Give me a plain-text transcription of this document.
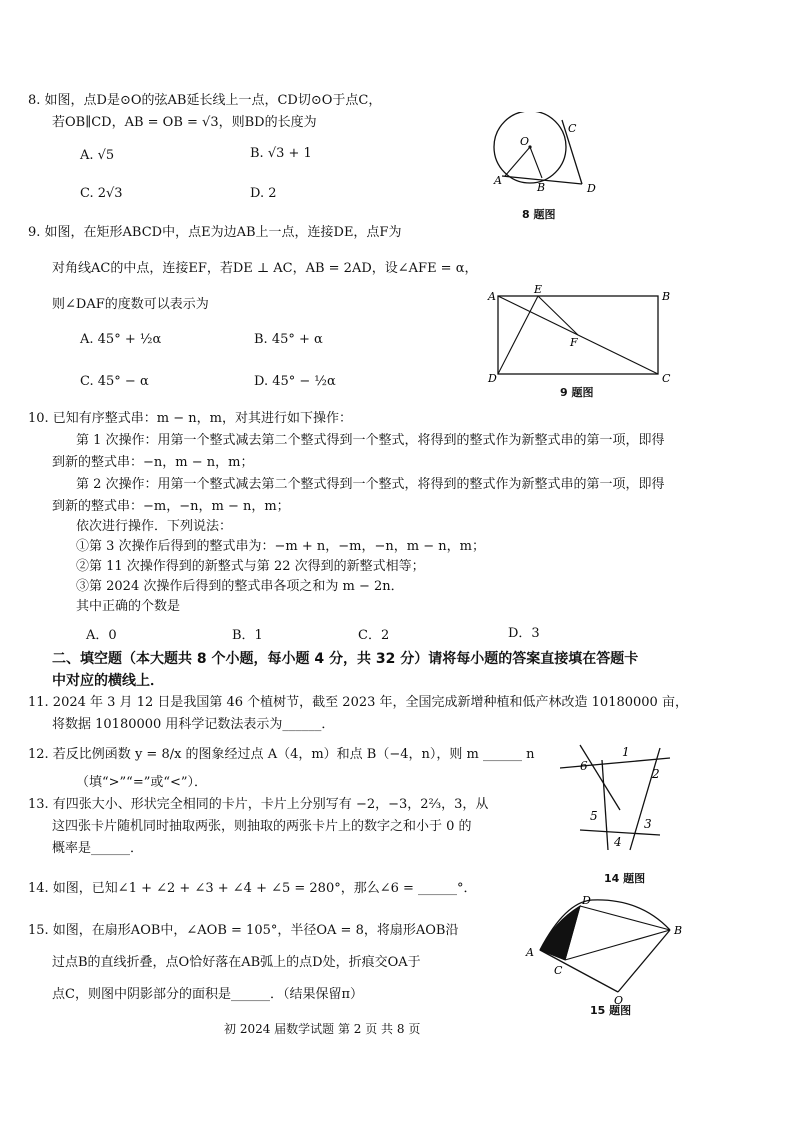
8. 如图，点D是⊙O的弦AB延长线上一点，CD切⊙O于点C，
若OB∥CD，AB = OB = √3，则BD的长度为
A. √5	B. √3 + 1
C. 2√3	D. 2
C
O
A
B	D
8 题图
9. 如图，在矩形ABCD中，点E为边AB上一点，连接DE，点F为
对角线AC的中点，连接EF，若DE ⊥ AC，AB = 2AD，设∠AFE = α，
则∠DAF的度数可以表示为
A. 45° + ½α	B. 45° + α
C. 45° − α	D. 45° − ½α
A
E
B
F
D	C
9 题图
10. 已知有序整式串：m − n，m，对其进行如下操作：
第 1 次操作：用第一个整式减去第二个整式得到一个整式，将得到的整式作为新整式串的第一项，即得
到新的整式串：−n，m − n，m；
第 2 次操作：用第一个整式减去第二个整式得到一个整式，将得到的整式作为新整式串的第一项，即得
到新的整式串：−m，−n，m − n，m；
依次进行操作．下列说法：
①第 3 次操作后得到的整式串为：−m + n，−m，−n，m − n，m；
②第 11 次操作得到的新整式与第 22 次得到的新整式相等；
③第 2024 次操作后得到的整式串各项之和为 m − 2n．
其中正确的个数是
A．0	B．1	C．2	D．3
二、填空题（本大题共 8 个小题，每小题 4 分，共 32 分）请将每小题的答案直接填在答题卡
中对应的横线上．
11. 2024 年 3 月 12 日是我国第 46 个植树节，截至 2023 年，全国完成新增种植和低产林改造 10180000 亩，
将数据 10180000 用科学记数法表示为______．
12. 若反比例函数 y = 8/x 的图象经过点 A（4，m）和点 B（−4，n），则 m ______ n
（填“>”“=”或“<”）．
13. 有四张大小、形状完全相同的卡片，卡片上分别写有 −2，−3，2⅔，3，从
这四张卡片随机同时抽取两张，则抽取的两张卡片上的数字之和小于 0 的
概率是______．
6
1
2
3
5
4
14 题图
14. 如图，已知∠1 + ∠2 + ∠3 + ∠4 + ∠5 = 280°，那么∠6 = ______°．
15. 如图，在扇形AOB中，∠AOB = 105°，半径OA = 8，将扇形AOB沿
过点B的直线折叠，点O恰好落在AB弧上的点D处，折痕交OA于
点C，则图中阴影部分的面积是______．（结果保留π）
D
B
A
C
O
15 题图
初 2024 届数学试题 第 2 页 共 8 页
